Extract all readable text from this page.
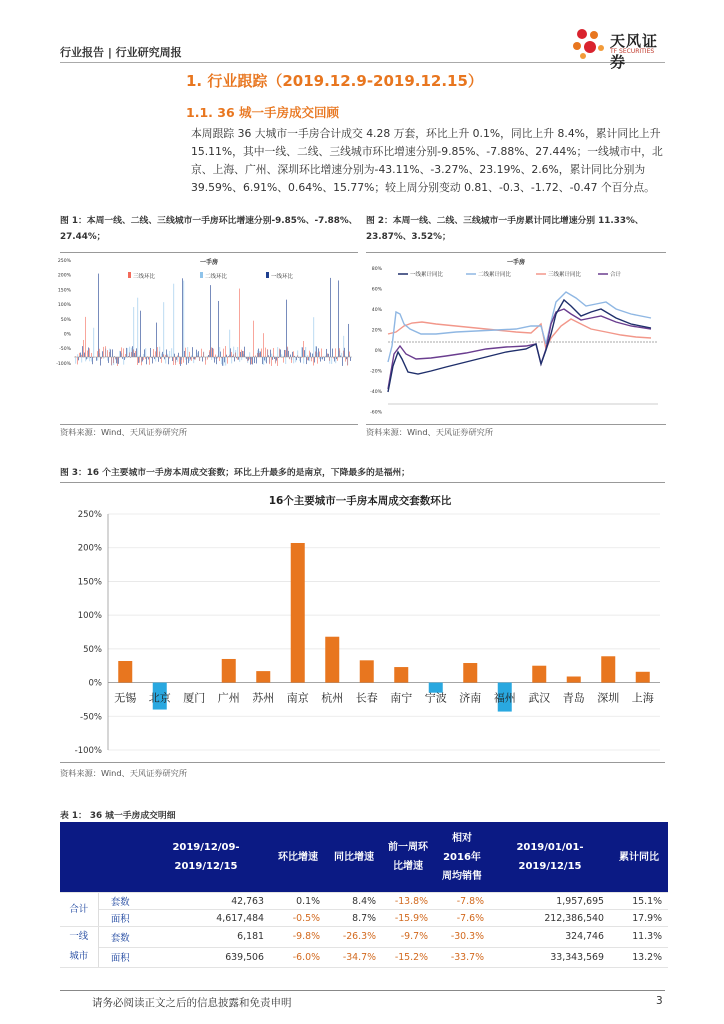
行业报告 | 行业研究周报
天风证券
TF SECURITIES
1. 行业跟踪（2019.12.9-2019.12.15）
1.1. 36 城一手房成交回顾
本周跟踪 36 大城市一手房合计成交 4.28 万套，环比上升 0.1%，同比上升 8.4%，累计同比上升 15.11%，其中一线、二线、三线城市环比增速分别-9.85%、-7.88%、27.44%；一线城市中，北京、上海、广州、深圳环比增速分别为-43.11%、-3.27%、23.19%、2.6%，累计同比分别为 39.59%、6.91%、0.64%、15.77%；较上周分别变动 0.81、-0.3、-1.72、-0.47 个百分点。
图 1：本周一线、二线、三线城市一手房环比增速分别-9.85%、-7.88%、27.44%；
一手房
三线环比	二线环比	一线环比
250%
200%
150%
100%
50%
0%
-50%
-100%
资料来源：Wind、天风证券研究所
图 2：本周一线、二线、三线城市一手房累计同比增速分别 11.33%、23.87%、3.52%；
一手房
一线累计同比	二线累计同比	三线累计同比	合计
80%
60%
40%
20%
0%
-20%
-40%
-60%
资料来源：Wind、天风证券研究所
图 3：16 个主要城市一手房本周成交套数；环比上升最多的是南京，下降最多的是福州；
16个主要城市一手房本周成交套数环比
250%
200%
150%
100%
50%
0%
-50%
-100%
无锡 北京 厦门 广州 苏州 南京 杭州 长春 南宁 宁波 济南 福州 武汉 青岛 深圳 上海
资料来源：Wind、天风证券研究所
表 1： 36 城一手房成交明细
		2019/12/09-2019/12/15	环比增速	同比增速	前一周环比增速	相对2016年周均销售	2019/01/01-2019/12/15	累计同比
合计	套数	42,763	0.1%	8.4%	-13.8%	-7.8%	1,957,695	15.1%
	面积	4,617,484	-0.5%	8.7%	-15.9%	-7.6%	212,386,540	17.9%
一线城市	套数	6,181	-9.8%	-26.3%	-9.7%	-30.3%	324,746	11.3%
	面积	639,506	-6.0%	-34.7%	-15.2%	-33.7%	33,343,569	13.2%
请务必阅读正文之后的信息披露和免责申明	3
